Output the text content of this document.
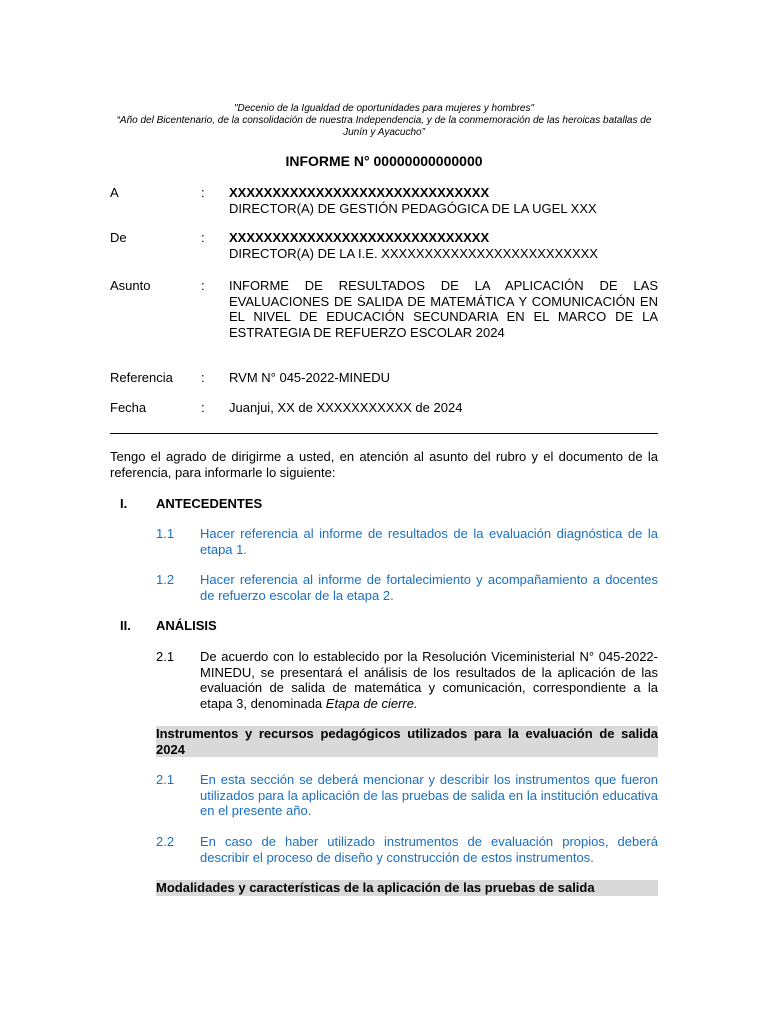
"Decenio de la Igualdad de oportunidades para mujeres y hombres"
“Año del Bicentenario, de la consolidación de nuestra Independencia, y de la conmemoración de las heroicas batallas de Junín y Ayacucho”
INFORME N° 00000000000000
A	: XXXXXXXXXXXXXXXXXXXXXXXXXXXXXX
DIRECTOR(A) DE GESTIÓN PEDAGÓGICA DE LA UGEL XXX
De	: XXXXXXXXXXXXXXXXXXXXXXXXXXXXXX
DIRECTOR(A) DE LA I.E. XXXXXXXXXXXXXXXXXXXXXXXXX
Asunto	: INFORME DE RESULTADOS DE LA APLICACIÓN DE LAS EVALUACIONES DE SALIDA DE MATEMÁTICA Y COMUNICACIÓN EN EL NIVEL DE EDUCACIÓN SECUNDARIA EN EL MARCO DE LA ESTRATEGIA DE REFUERZO ESCOLAR 2024
Referencia : RVM N° 045-2022-MINEDU
Fecha	: Juanjui, XX de XXXXXXXXXXX de 2024
Tengo el agrado de dirigirme a usted, en atención al asunto del rubro y el documento de la referencia, para informarle lo siguiente:
I. ANTECEDENTES
1.1 Hacer referencia al informe de resultados de la evaluación diagnóstica de la etapa 1.
1.2 Hacer referencia al informe de fortalecimiento y acompañamiento a docentes de refuerzo escolar de la etapa 2.
II. ANÁLISIS
2.1 De acuerdo con lo establecido por la Resolución Viceministerial N° 045-2022-MINEDU, se presentará el análisis de los resultados de la aplicación de las evaluación de salida de matemática y comunicación, correspondiente a la etapa 3, denominada Etapa de cierre.
Instrumentos y recursos pedagógicos utilizados para la evaluación de salida 2024
2.1 En esta sección se deberá mencionar y describir los instrumentos que fueron utilizados para la aplicación de las pruebas de salida en la institución educativa en el presente año.
2.2 En caso de haber utilizado instrumentos de evaluación propios, deberá describir el proceso de diseño y construcción de estos instrumentos.
Modalidades y características de la aplicación de las pruebas de salida
